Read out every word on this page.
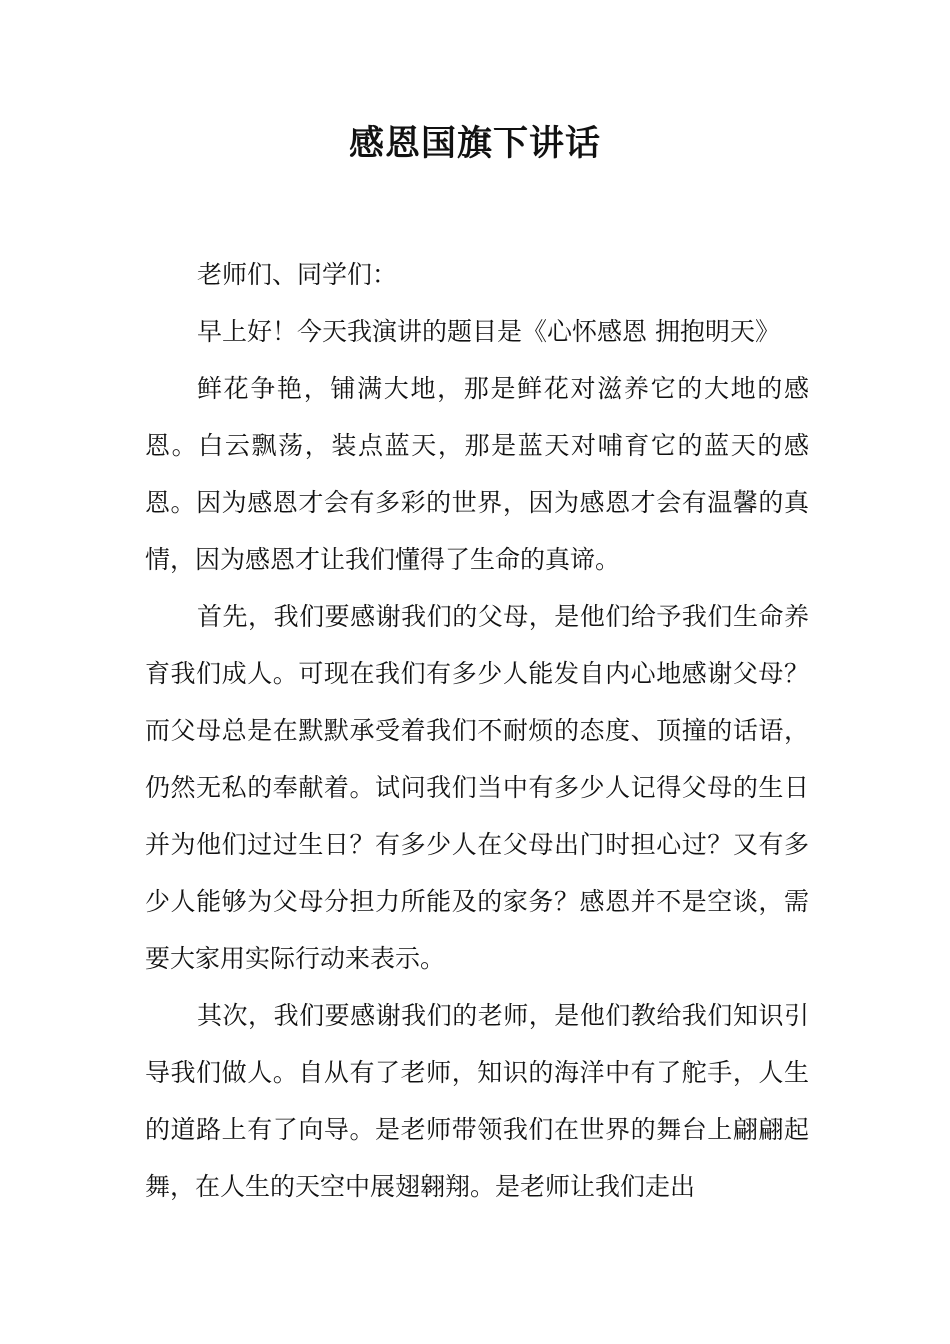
感恩国旗下讲话

老师们、同学们：

早上好！今天我演讲的题目是《心怀感恩 拥抱明天》

鲜花争艳，铺满大地，那是鲜花对滋养它的大地的感恩。白云飘荡，装点蓝天，那是蓝天对哺育它的蓝天的感恩。因为感恩才会有多彩的世界，因为感恩才会有温馨的真情，因为感恩才让我们懂得了生命的真谛。

首先，我们要感谢我们的父母，是他们给予我们生命养育我们成人。可现在我们有多少人能发自内心地感谢父母？而父母总是在默默承受着我们不耐烦的态度、顶撞的话语，仍然无私的奉献着。试问我们当中有多少人记得父母的生日并为他们过过生日？有多少人在父母出门时担心过？又有多少人能够为父母分担力所能及的家务？感恩并不是空谈，需要大家用实际行动来表示。

其次，我们要感谢我们的老师，是他们教给我们知识引导我们做人。自从有了老师，知识的海洋中有了舵手，人生的道路上有了向导。是老师带领我们在世界的舞台上翩翩起舞，在人生的天空中展翅翱翔。是老师让我们走出
